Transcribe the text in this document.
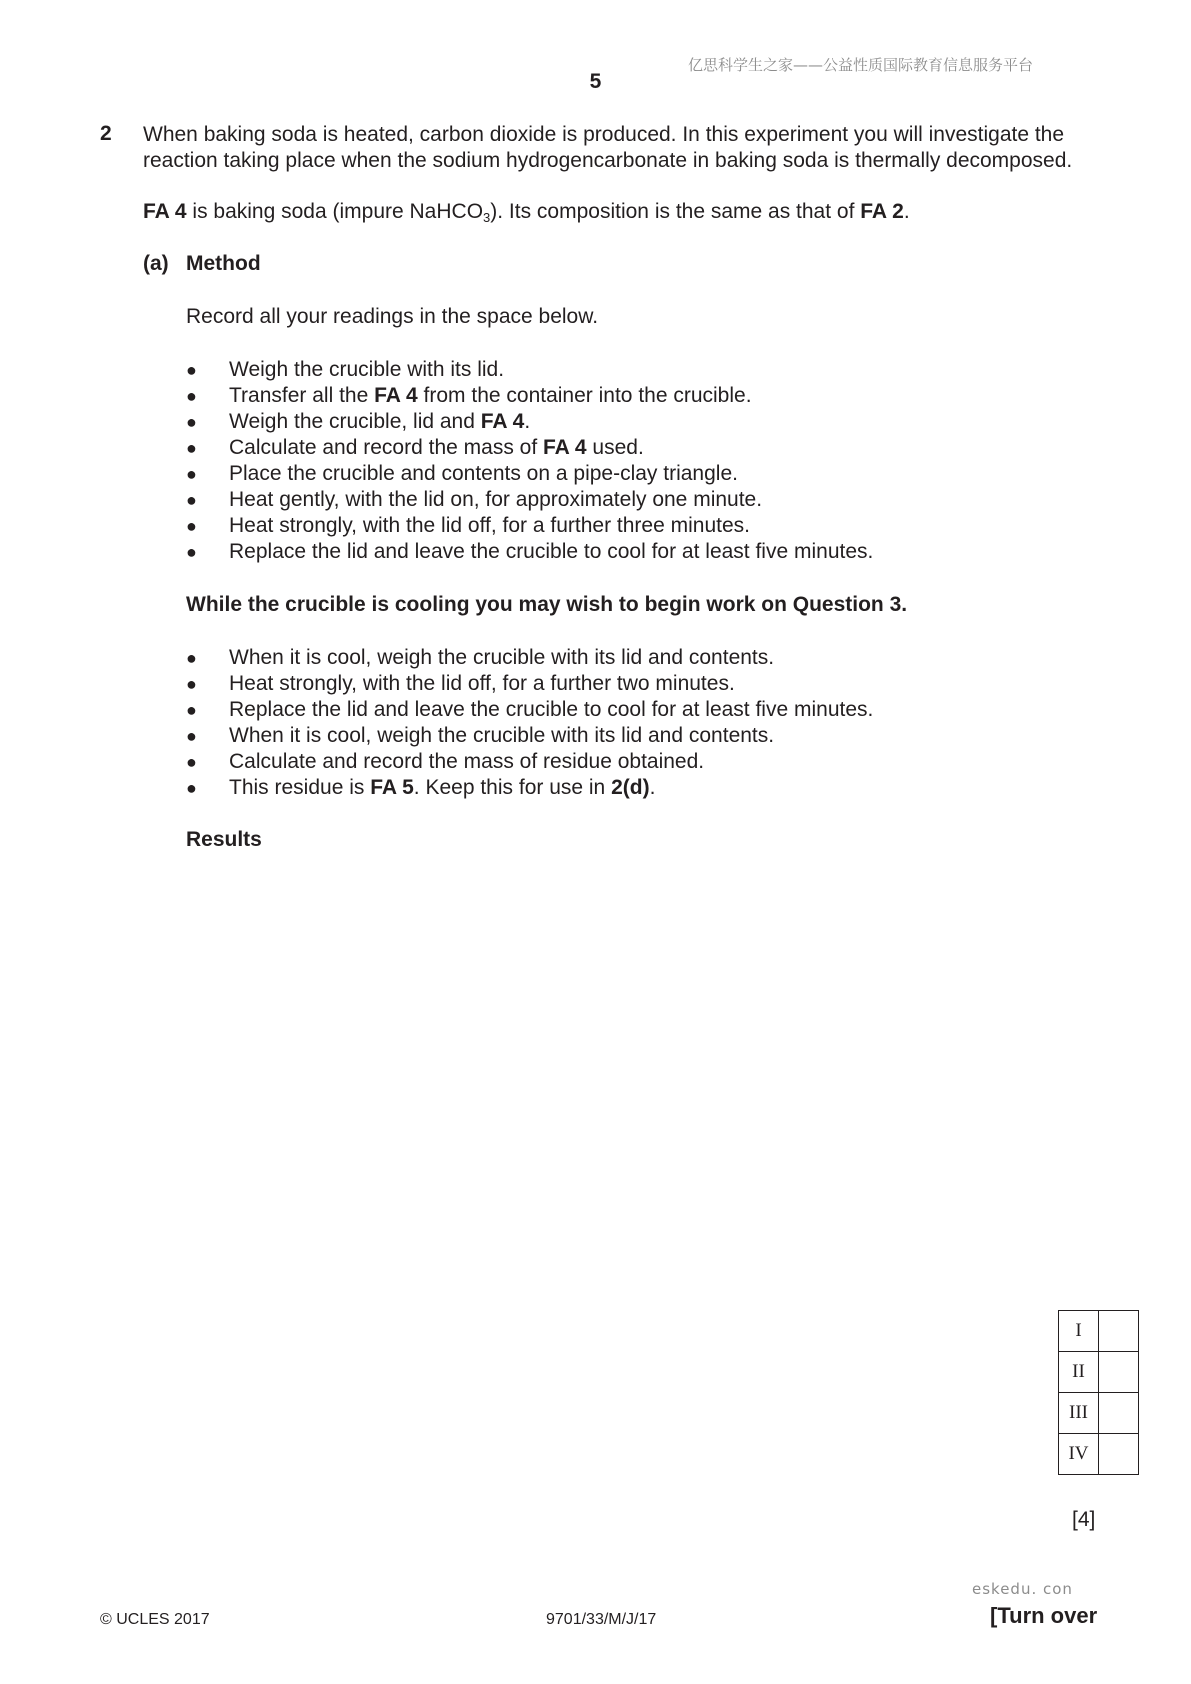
亿思科学生之家——公益性质国际教育信息服务平台
5
2 When baking soda is heated, carbon dioxide is produced. In this experiment you will investigate the reaction taking place when the sodium hydrogencarbonate in baking soda is thermally decomposed.
FA 4 is baking soda (impure NaHCO$_3$). Its composition is the same as that of FA 2.
(a) Method
Record all your readings in the space below.
● Weigh the crucible with its lid.
● Transfer all the FA 4 from the container into the crucible.
● Weigh the crucible, lid and FA 4.
● Calculate and record the mass of FA 4 used.
● Place the crucible and contents on a pipe-clay triangle.
● Heat gently, with the lid on, for approximately one minute.
● Heat strongly, with the lid off, for a further three minutes.
● Replace the lid and leave the crucible to cool for at least five minutes.
While the crucible is cooling you may wish to begin work on Question 3.
● When it is cool, weigh the crucible with its lid and contents.
● Heat strongly, with the lid off, for a further two minutes.
● Replace the lid and leave the crucible to cool for at least five minutes.
● When it is cool, weigh the crucible with its lid and contents.
● Calculate and record the mass of residue obtained.
● This residue is FA 5. Keep this for use in 2(d).
Results
I	
II	
III	
IV	
[4]
eskedu. con
© UCLES 2017	9701/33/M/J/17	[Turn over
